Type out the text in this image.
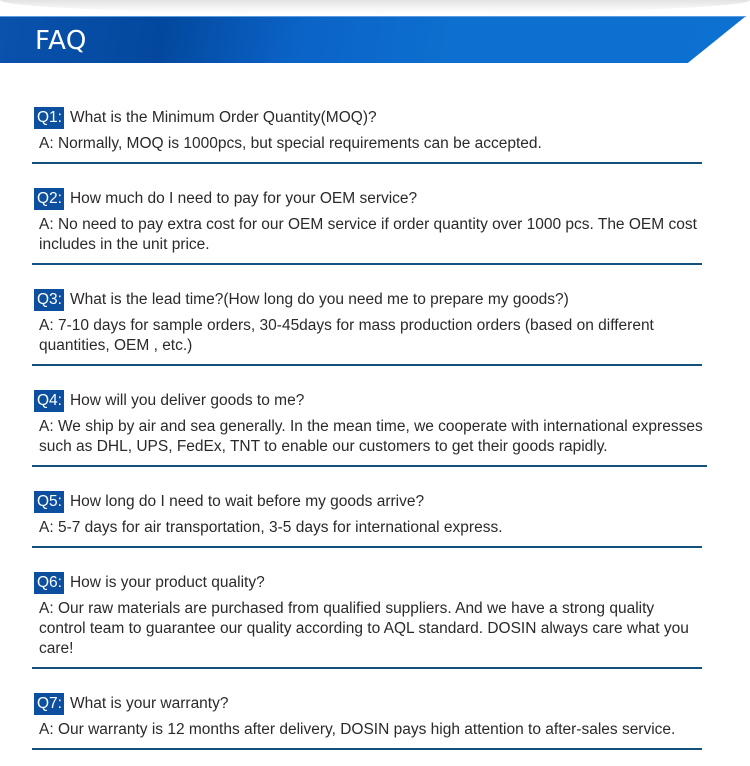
FAQ
Q1: What is the Minimum Order Quantity(MOQ)?
A: Normally, MOQ is 1000pcs, but special requirements can be accepted.
Q2: How much do I need to pay for your OEM service?
A: No need to pay extra cost for our OEM service if order quantity over 1000 pcs. The OEM cost includes in the unit price.
Q3: What is the lead time?(How long do you need me to prepare my goods?)
A: 7-10 days for sample orders, 30-45days for mass production orders (based on different quantities, OEM , etc.)
Q4: How will you deliver goods to me?
A: We ship by air and sea generally. In the mean time, we cooperate with international expresses such as DHL, UPS, FedEx, TNT to enable our customers to get their goods rapidly.
Q5: How long do I need to wait before my goods arrive?
A: 5-7 days for air transportation, 3-5 days for international express.
Q6: How is your product quality?
A: Our raw materials are purchased from qualified suppliers. And we have a strong quality control team to guarantee our quality according to AQL standard. DOSIN always care what you care!
Q7: What is your warranty?
A: Our warranty is 12 months after delivery, DOSIN pays high attention to after-sales service.
